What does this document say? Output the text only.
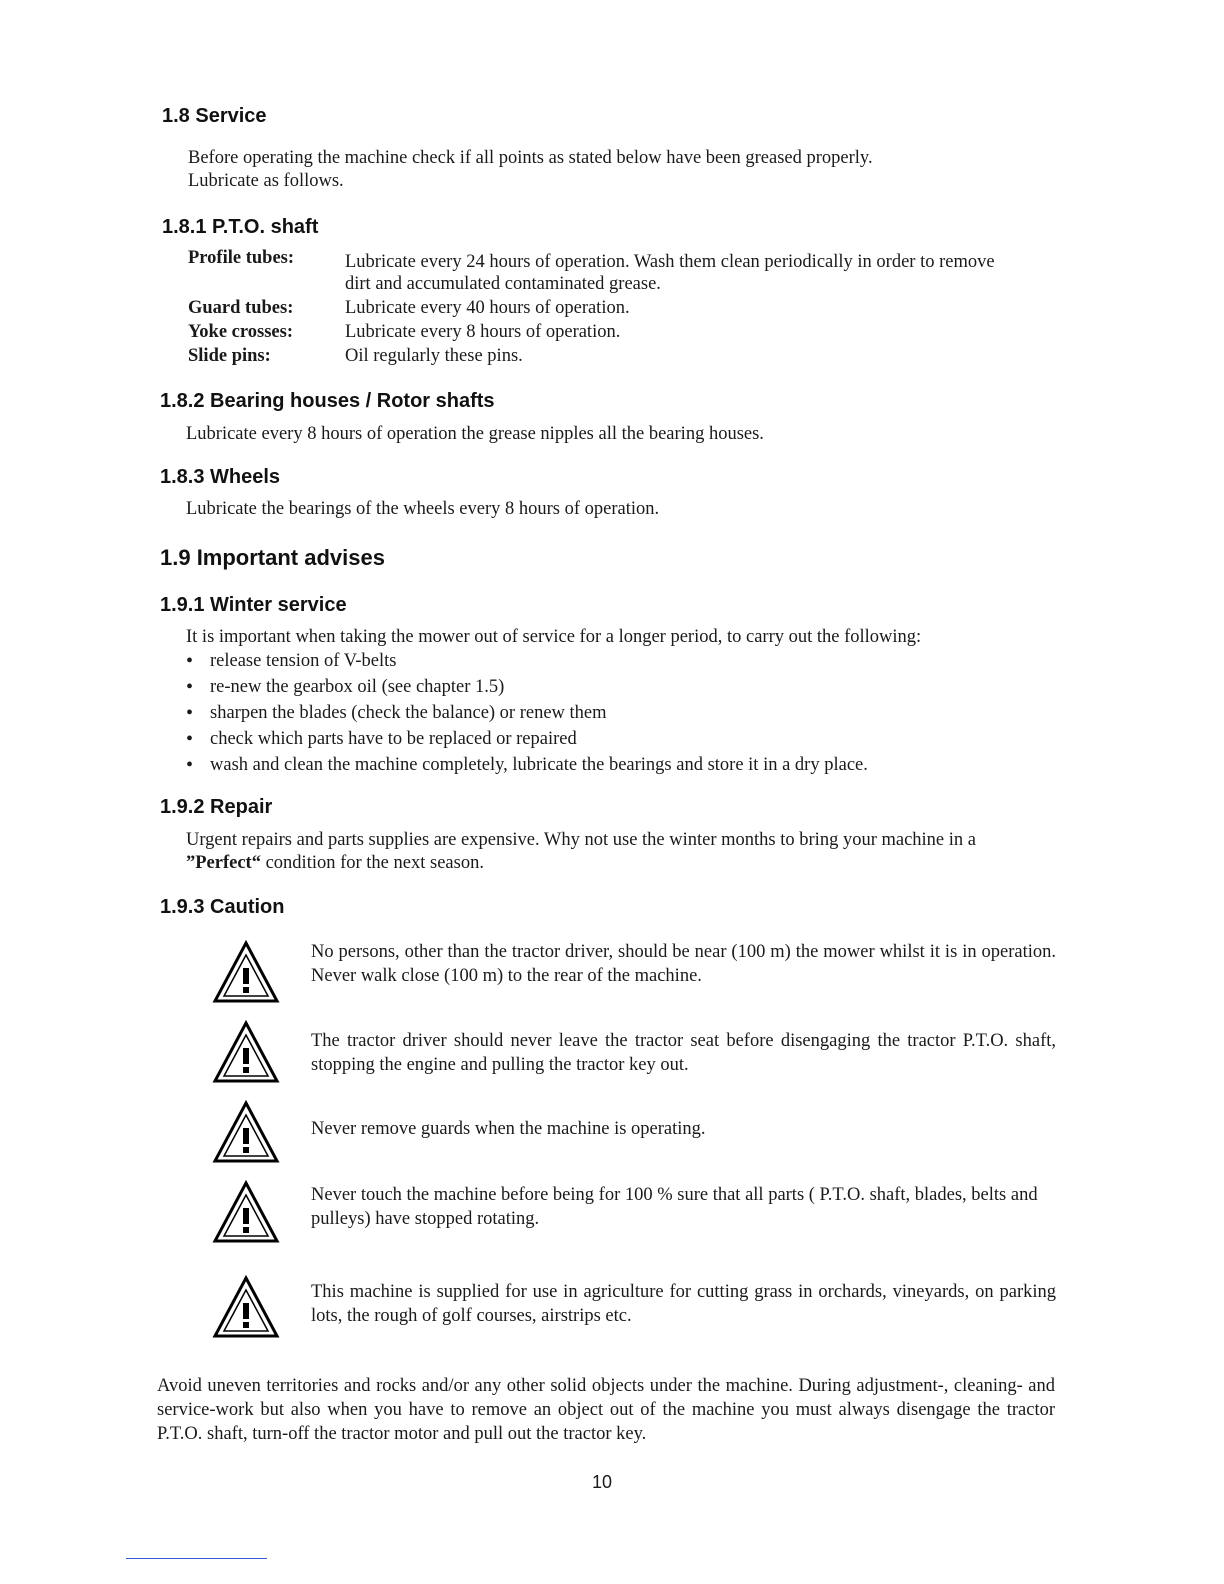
1.8 Service

Before operating the machine check if all points as stated below have been greased properly.

Lubricate as follows.

1.8.1 P.T.O. shaft
Profile tubes:	Lubricate every 24 hours of operation. Wash them clean periodically in order to remove
dirt and accumulated contaminated grease.
Guard tubes:	Lubricate every 40 hours of operation.
Yoke crosses:	Lubricate every 8 hours of operation.
Slide pins:	Oil regularly these pins.
1.8.2 Bearing houses / Rotor shafts

Lubricate every 8 hours of operation the grease nipples all the bearing houses.

1.8.3 Wheels

Lubricate the bearings of the wheels every 8 hours of operation.

1.9 Important advises
1.9.1 Winter service

It is important when taking the mower out of service for a longer period, to carry out the following:

• release tension of V-belts
• re-new the gearbox oil (see chapter 1.5)
• sharpen the blades (check the balance) or renew them
• check which parts have to be replaced or repaired
• wash and clean the machine completely, lubricate the bearings and store it in a dry place.
1.9.2 Repair

Urgent repairs and parts supplies are expensive. Why not use the winter months to bring your machine in a

”Perfect“ condition for the next season.

1.9.3 Caution

No persons, other than the tractor driver, should be near (100 m) the mower whilst it is in operation. Never walk close (100 m) to the rear of the machine.

The tractor driver should never leave the tractor seat before disengaging the tractor P.T.O. shaft, stopping the engine and pulling the tractor key out.

Never remove guards when the machine is operating.

Never touch the machine before being for 100 % sure that all parts ( P.T.O. shaft, blades, belts and pulleys) have stopped rotating.

This machine is supplied for use in agriculture for cutting grass in orchards, vineyards, on parking lots, the rough of golf courses, airstrips etc.

Avoid uneven territories and rocks and/or any other solid objects under the machine. During adjustment-, cleaning- and service-work but also when you have to remove an object out of the machine you must always disengage the tractor P.T.O. shaft, turn-off the tractor motor and pull out the tractor key.

10
